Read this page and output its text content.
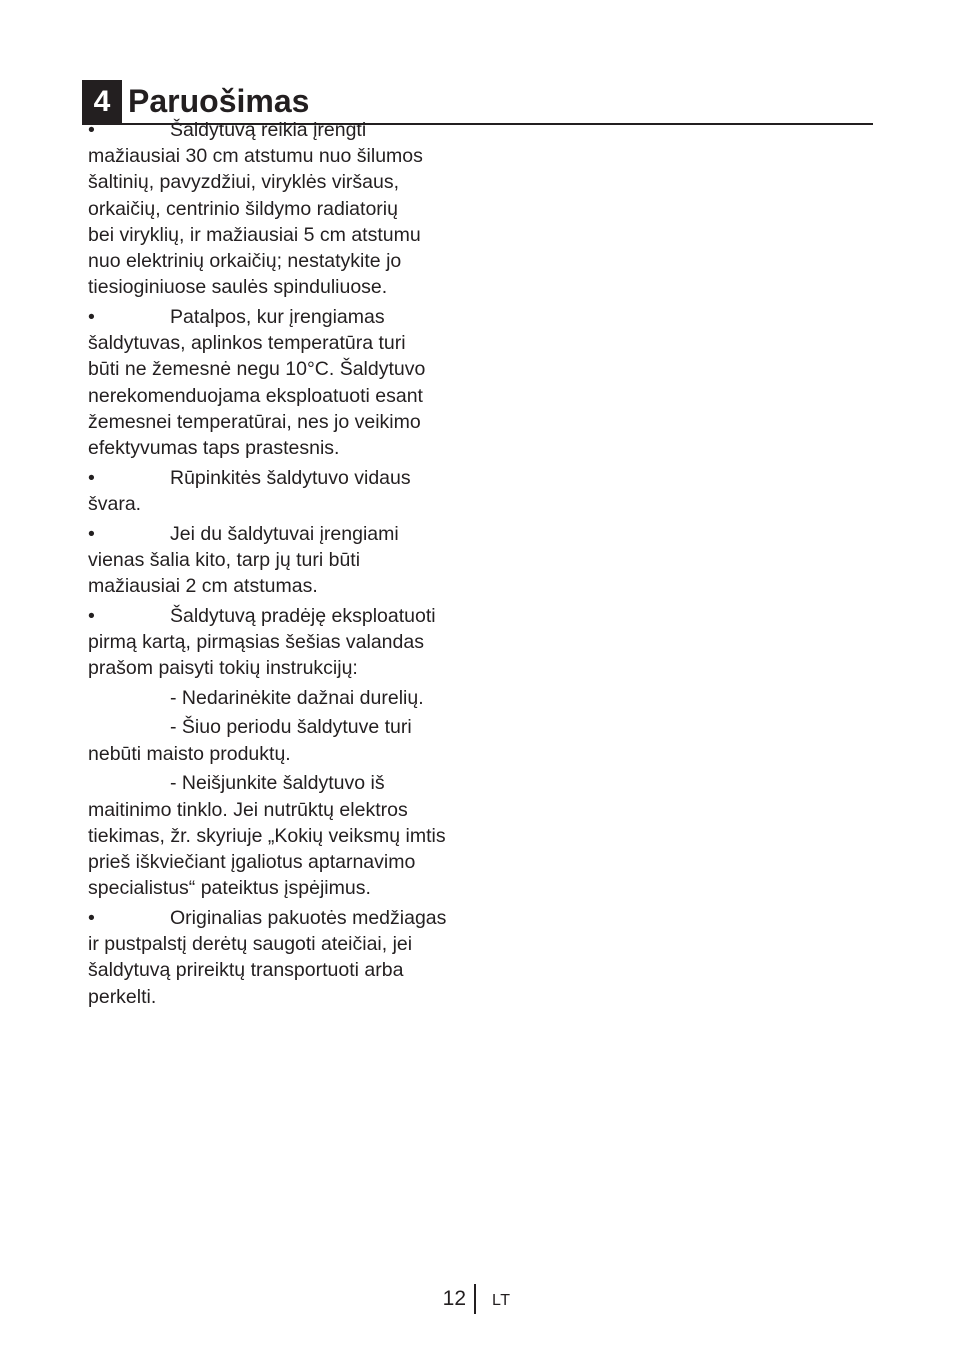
4 Paruošimas

•	Šaldytuvą reikia įrengti
mažiausiai 30 cm atstumu nuo šilumos
šaltinių, pavyzdžiui, viryklės viršaus,
orkaičių, centrinio šildymo radiatorių
bei viryklių, ir mažiausiai 5 cm atstumu
nuo elektrinių orkaičių; nestatykite jo
tiesioginiuose saulės spinduliuose.

•	Patalpos, kur įrengiamas
šaldytuvas, aplinkos temperatūra turi
būti ne žemesnė negu 10°C. Šaldytuvo
nerekomenduojama eksploatuoti esant
žemesnei temperatūrai, nes jo veikimo
efektyvumas taps prastesnis.

•	Rūpinkitės šaldytuvo vidaus
švara.

•	Jei du šaldytuvai įrengiami
vienas šalia kito, tarp jų turi būti
mažiausiai 2 cm atstumas.

•	Šaldytuvą pradėję eksploatuoti
pirmą kartą, pirmąsias šešias valandas
prašom paisyti tokių instrukcijų:

- Nedarinėkite dažnai durelių.

- Šiuo periodu šaldytuve turi
nebūti maisto produktų.

- Neišjunkite šaldytuvo iš
maitinimo tinklo. Jei nutrūktų elektros
tiekimas, žr. skyriuje „Kokių veiksmų imtis
prieš iškviečiant įgaliotus aptarnavimo
specialistus“ pateiktus įspėjimus.

•	Originalias pakuotės medžiagas
ir pustpalstį derėtų saugoti ateičiai, jei
šaldytuvą prireiktų transportuoti arba
perkelti.

12 LT
